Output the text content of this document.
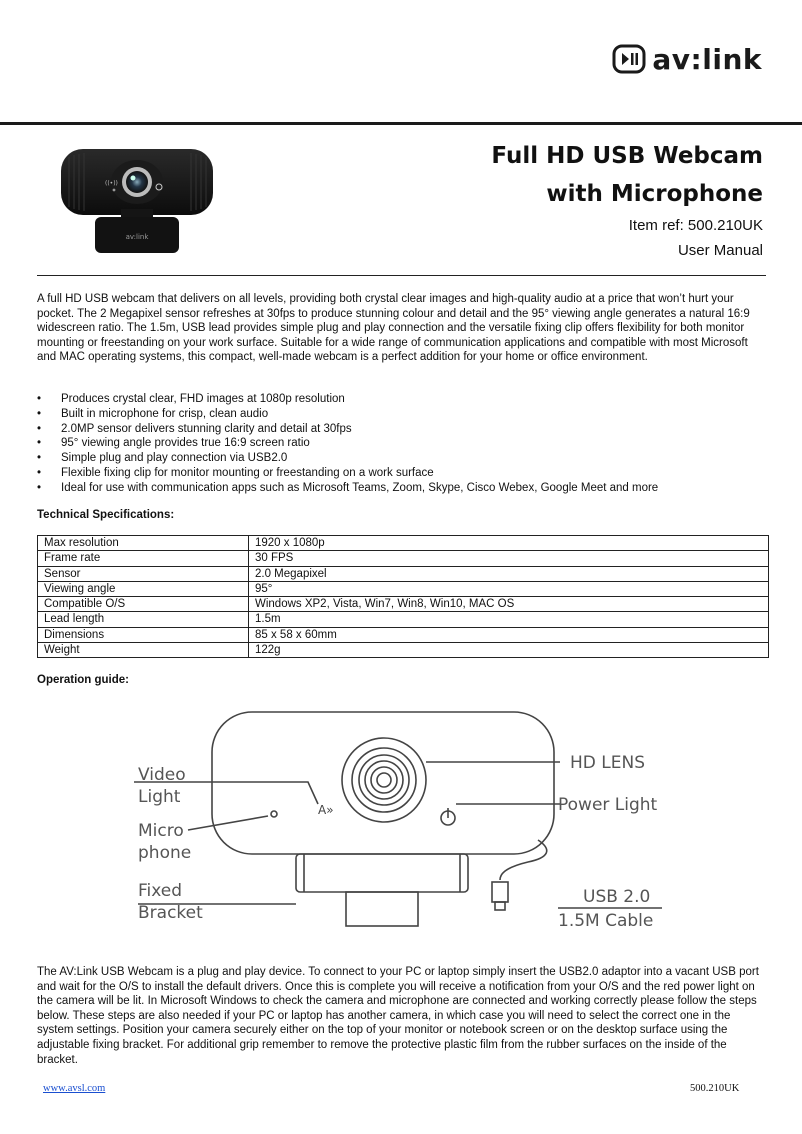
av:link
((•))
av:link
Full HD USB Webcam
with Microphone
Item ref: 500.210UK
User Manual
A full HD USB webcam that delivers on all levels, providing both crystal clear images and high-quality audio at a price that won’t hurt your pocket. The 2 Megapixel sensor refreshes at 30fps to produce stunning colour and detail and the 95° viewing angle generates a natural 16:9 widescreen ratio. The 1.5m, USB lead provides simple plug and play connection and the versatile fixing clip offers flexibility for both monitor mounting or freestanding on your work surface. Suitable for a wide range of communication applications and compatible with most Microsoft and MAC operating systems, this compact, well-made webcam is a perfect addition for your home or office environment.
•	Produces crystal clear, FHD images at 1080p resolution
•	Built in microphone for crisp, clean audio
•	2.0MP sensor delivers stunning clarity and detail at 30fps
•	95° viewing angle provides true 16:9 screen ratio
•	Simple plug and play connection via USB2.0
•	Flexible fixing clip for monitor mounting or freestanding on a work surface
•	Ideal for use with communication apps such as Microsoft Teams, Zoom, Skype, Cisco Webex, Google Meet and more
Technical Specifications:
Max resolution	1920 x 1080p
Frame rate	30 FPS
Sensor	2.0 Megapixel
Viewing angle	95°
Compatible O/S	Windows XP2, Vista, Win7, Win8, Win10, MAC OS
Lead length	1.5m
Dimensions	85 x 58 x 60mm
Weight	122g
Operation guide:
A»
Video
Light
Micro
phone
Fixed
Bracket
HD LENS
Power Light
USB 2.0
1.5M Cable
The AV:Link USB Webcam is a plug and play device. To connect to your PC or laptop simply insert the USB2.0 adaptor into a vacant USB port and wait for the O/S to install the default drivers. Once this is complete you will receive a notification from your O/S and the red power light on the camera will be lit. In Microsoft Windows to check the camera and microphone are connected and working correctly please follow the steps below. These steps are also needed if your PC or laptop has another camera, in which case you will need to select the correct one in the system settings. Position your camera securely either on the top of your monitor or notebook screen or on the desktop surface using the adjustable fixing bracket. For additional grip remember to remove the protective plastic film from the rubber surfaces on the inside of the bracket.
www.avsl.com	500.210UK
